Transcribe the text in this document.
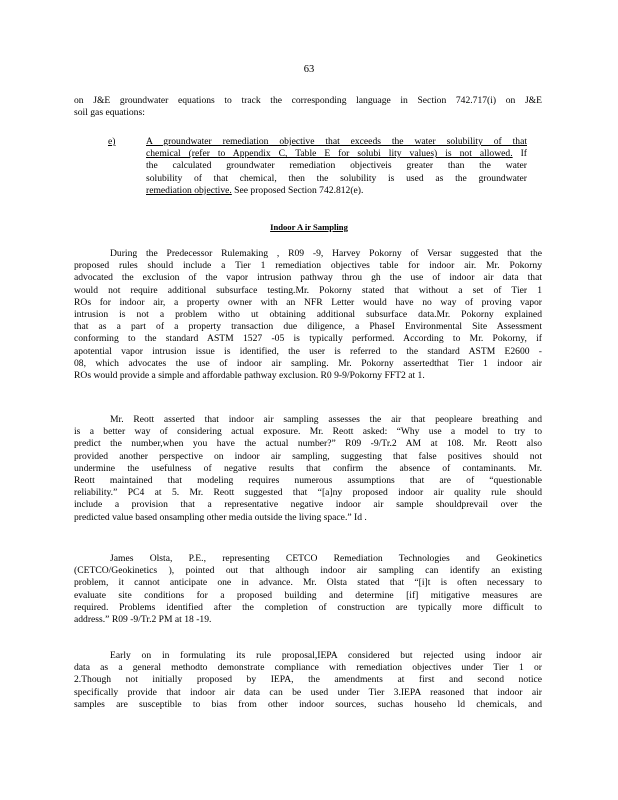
63
on J&E groundwater equations to track the corresponding language in Section 742.717(i) on J&E
soil gas equations:
e)	A groundwater remediation objective that exceeds the water solubility of that
chemical (refer to Appendix C, Table E for solubi lity values) is not allowed. If
the calculated groundwater remediation objectiveis greater than the water
solubility of that chemical, then the solubility is used as the groundwater
remediation objective. See proposed Section 742.812(e).
Indoor A ir Sampling
During the Predecessor Rulemaking , R09 -9, Harvey Pokorny of Versar suggested that the
proposed rules should include a Tier 1 remediation objectives table for indoor air. Mr. Pokorny
advocated the exclusion of the vapor intrusion pathway throu gh the use of indoor air data that
would not require additional subsurface testing.Mr. Pokorny stated that without a set of Tier 1
ROs for indoor air, a property owner with an NFR Letter would have no way of proving vapor
intrusion is not a problem witho ut obtaining additional subsurface data.Mr. Pokorny explained
that as a part of a property transaction due diligence, a PhaseI Environmental Site Assessment
conforming to the standard ASTM 1527 -05 is typically performed. According to Mr. Pokorny, if
apotential vapor intrusion issue is identified, the user is referred to the standard ASTM E2600 -
08, which advocates the use of indoor air sampling. Mr. Pokorny assertedthat Tier 1 indoor air
ROs would provide a simple and affordable pathway exclusion. R0 9-9/Pokorny FFT2 at 1.
Mr. Reott asserted that indoor air sampling assesses the air that peopleare breathing and
is a better way of considering actual exposure. Mr. Reott asked: “Why use a model to try to
predict the number,when you have the actual number?” R09 -9/Tr.2 AM at 108. Mr. Reott also
provided another perspective on indoor air sampling, suggesting that false positives should not
undermine the usefulness of negative results that confirm the absence of contaminants. Mr.
Reott maintained that modeling requires numerous assumptions that are of “questionable
reliability.” PC4 at 5. Mr. Reott suggested that “[a]ny proposed indoor air quality rule should
include a provision that a representative negative indoor air sample shouldprevail over the
predicted value based onsampling other media outside the living space.” Id .
James Olsta, P.E., representing CETCO Remediation Technologies and Geokinetics
(CETCO/Geokinetics ), pointed out that although indoor air sampling can identify an existing
problem, it cannot anticipate one in advance. Mr. Olsta stated that “[i]t is often necessary to
evaluate site conditions for a proposed building and determine [if] mitigative measures are
required. Problems identified after the completion of construction are typically more difficult to
address.” R09 -9/Tr.2 PM at 18 -19.
Early on in formulating its rule proposal,IEPA considered but rejected using indoor air
data as a general methodto demonstrate compliance with remediation objectives under Tier 1 or
2.Though not initially proposed by IEPA, the amendments at first and second notice
specifically provide that indoor air data can be used under Tier 3.IEPA reasoned that indoor air
samples are susceptible to bias from other indoor sources, suchas househo ld chemicals, and
